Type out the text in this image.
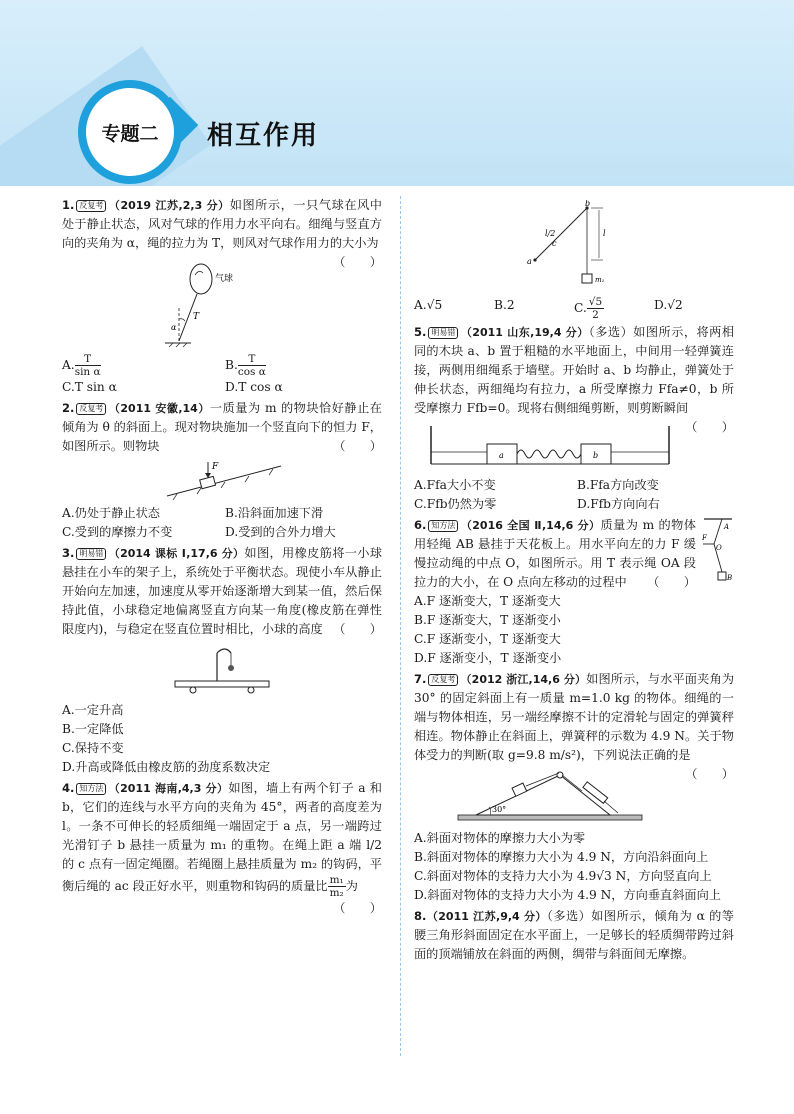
专题二	相互作用
1. 反复考 （2019 江苏,2,3 分）如图所示，一只气球在风中处于静止状态，风对气球的作用力水平向右。细绳与竖直方向的夹角为 α，绳的拉力为 T，则风对气球作用力的大小为
（　　）
气球
T
α
A. $\frac{T}{\text{sin α}}$	B. $\frac{T}{\text{cos α}}$
C.T sin α	D.T cos α
2. 反复考 （2011 安徽,14）一质量为 m 的物块恰好静止在倾角为 θ 的斜面上。现对物块施加一个竖直向下的恒力 F，如图所示。则物块	（　　）
F
A.仍处于静止状态	B.沿斜面加速下滑
C.受到的摩擦力不变	D.受到的合外力增大
3. 明易错 （2014 课标 Ⅰ,17,6 分）如图，用橡皮筋将一小球悬挂在小车的架子上，系统处于平衡状态。现使小车从静止开始向左加速，加速度从零开始逐渐增大到某一值，然后保持此值，小球稳定地偏离竖直方向某一角度(橡皮筋在弹性限度内)，与稳定在竖直位置时相比，小球的高度 （　　）
A.一定升高
B.一定降低
C.保持不变
D.升高或降低由橡皮筋的劲度系数决定
4. 知方法 （2011 海南,4,3 分）如图，墙上有两个钉子 a 和 b，它们的连线与水平方向的夹角为 45°，两者的高度差为 l。一条不可伸长的轻质细绳一端固定于 a 点，另一端跨过光滑钉子 b 悬挂一质量为 m₁ 的重物。在绳上距 a 端 l/2 的 c 点有一固定绳圈。若绳圈上悬挂质量为 m₂ 的钩码，平衡后绳的 ac 段正好水平，则重物和钩码的质量比 $\frac{\text{m₁}}{\text{m₂}}$ 为
（　　）
b
a
c
l/2	l
m₁
A.√5	B.2	C. $\frac{√5}{2}$	D.√2
5. 明易错 （2011 山东,19,4 分）（多选）如图所示，将两相同的木块 a、b 置于粗糙的水平地面上，中间用一轻弹簧连接，两侧用细绳系于墙壁。开始时 a、b 均静止，弹簧处于伸长状态，两细绳均有拉力，a 所受摩擦力 Ffa≠0，b 所受摩擦力 Ffb=0。现将右侧细绳剪断，则剪断瞬间
（　　）
a	b
A.Ffa大小不变	B.Ffa方向改变
C.Ffb仍然为零	D.Ffb方向向右
A
O
B
F
6. 知方法 （2016 全国 Ⅱ,14,6 分）质量为 m 的物体用轻绳 AB 悬挂于天花板上。用水平向左的力 F 缓慢拉动绳的中点 O，如图所示。用 T 表示绳 OA 段拉力的大小，在 O 点向左移动的过程中 （　　）
A.F 逐渐变大，T 逐渐变大
B.F 逐渐变大，T 逐渐变小
C.F 逐渐变小，T 逐渐变大
D.F 逐渐变小，T 逐渐变小
7. 反复考 （2012 浙江,14,6 分）如图所示，与水平面夹角为 30° 的固定斜面上有一质量 m=1.0 kg 的物体。细绳的一端与物体相连，另一端经摩擦不计的定滑轮与固定的弹簧秤相连。物体静止在斜面上，弹簧秤的示数为 4.9 N。关于物体受力的判断(取 g=9.8 m/s²)，下列说法正确的是
（　　）
30°
A.斜面对物体的摩擦力大小为零
B.斜面对物体的摩擦力大小为 4.9 N，方向沿斜面向上
C.斜面对物体的支持力大小为 4.9√3 N，方向竖直向上
D.斜面对物体的支持力大小为 4.9 N，方向垂直斜面向上
8.（2011 江苏,9,4 分）（多选）如图所示，倾角为 α 的等腰三角形斜面固定在水平面上，一足够长的轻质绸带跨过斜面的顶端铺放在斜面的两侧，绸带与斜面间无摩擦。
